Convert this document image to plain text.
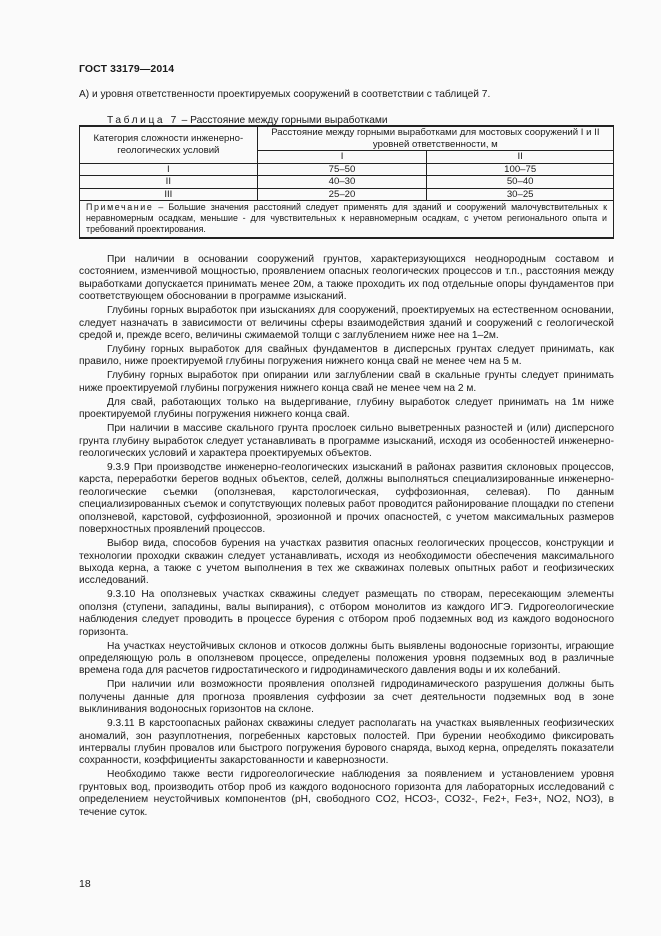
ГОСТ 33179—2014
А) и уровня ответственности проектируемых сооружений в соответствии с таблицей 7.
Таблица 7 – Расстояние между горными выработками
Категория сложности инженерно-геологических условий	Расстояние между горными выработками для мостовых сооружений I и II уровней ответственности, м	
	I	II
I	75–50	100–75
II	40–30	50–40
III	25–20	30–25
Примечание – Большие значения расстояний следует применять для зданий и сооружений малочувствительных к неравномерным осадкам, меньшие - для чувствительных к неравномерным осадкам, с учетом регионального опыта и требований проектирования.		

При наличии в основании сооружений грунтов, характеризующихся неоднородным составом и состоянием, изменчивой мощностью, проявлением опасных геологических процессов и т.п., расстояния между выработками допускается принимать менее 20м, а также проходить их под отдельные опоры фундаментов при соответствующем обосновании в программе изысканий.

Глубины горных выработок при изысканиях для сооружений, проектируемых на естественном основании, следует назначать в зависимости от величины сферы взаимодействия зданий и сооружений с геологической средой и, прежде всего, величины сжимаемой толщи с заглублением ниже нее на 1–2м.

Глубину горных выработок для свайных фундаментов в дисперсных грунтах следует принимать, как правило, ниже проектируемой глубины погружения нижнего конца свай не менее чем на 5 м.

Глубину горных выработок при опирании или заглублении свай в скальные грунты следует принимать ниже проектируемой глубины погружения нижнего конца свай не менее чем на 2 м.

Для свай, работающих только на выдергивание, глубину выработок следует принимать на 1м ниже проектируемой глубины погружения нижнего конца свай.

При наличии в массиве скального грунта прослоек сильно выветренных разностей и (или) дисперсного грунта глубину выработок следует устанавливать в программе изысканий, исходя из особенностей инженерно-геологических условий и характера проектируемых объектов.

9.3.9 При производстве инженерно-геологических изысканий в районах развития склоновых процессов, карста, переработки берегов водных объектов, селей, должны выполняться специализированные инженерно-геологические съемки (оползневая, карстологическая, суффозионная, селевая). По данным специализированных съемок и сопутствующих полевых работ проводится районирование площадки по степени оползневой, карстовой, суффозионной, эрозионной и прочих опасностей, с учетом максимальных размеров поверхностных проявлений процессов.

Выбор вида, способов бурения на участках развития опасных геологических процессов, конструкции и технологии проходки скважин следует устанавливать, исходя из необходимости обеспечения максимального выхода керна, а также с учетом выполнения в тех же скважинах полевых опытных работ и геофизических исследований.

9.3.10 На оползневых участках скважины следует размещать по створам, пересекающим элементы оползня (ступени, западины, валы выпирания), с отбором монолитов из каждого ИГЭ. Гидрогеологические наблюдения следует проводить в процессе бурения с отбором проб подземных вод из каждого водоносного горизонта.

На участках неустойчивых склонов и откосов должны быть выявлены водоносные горизонты, играющие определяющую роль в оползневом процессе, определены положения уровня подземных вод в различные времена года для расчетов гидростатического и гидродинамического давления воды и их колебаний.

При наличии или возможности проявления оползней гидродинамического разрушения должны быть получены данные для прогноза проявления суффозии за счет деятельности подземных вод в зоне выклинивания водоносных горизонтов на склоне.

9.3.11 В карстоопасных районах скважины следует располагать на участках выявленных геофизических аномалий, зон разуплотнения, погребенных карстовых полостей. При бурении необходимо фиксировать интервалы глубин провалов или быстрого погружения бурового снаряда, выход керна, определять показатели сохранности, коэффициенты закарстованности и кавернозности.

Необходимо также вести гидрогеологические наблюдения за появлением и установлением уровня грунтовых вод, производить отбор проб из каждого водоносного горизонта для лабораторных исследований с определением неустойчивых компонентов (pH, свободного CO2, HCO3-, CO32-, Fe2+, Fe3+, NO2, NO3), в течение суток.

18
